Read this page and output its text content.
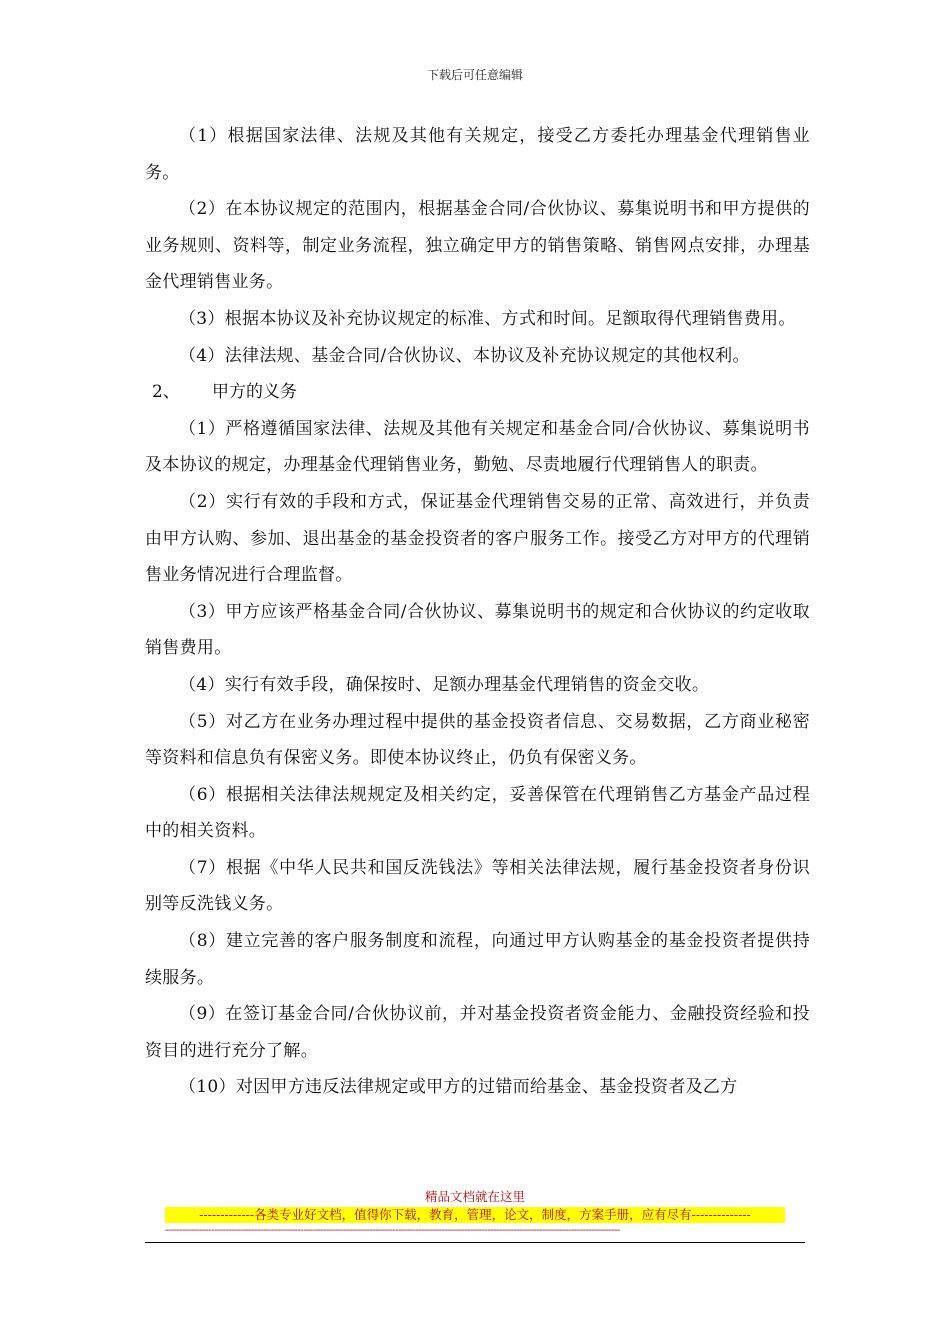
下载后可任意编辑

（1）根据国家法律、法规及其他有关规定，接受乙方委托办理基金代理销售业务。

（2）在本协议规定的范围内，根据基金合同/合伙协议、募集说明书和甲方提供的业务规则、资料等，制定业务流程，独立确定甲方的销售策略、销售网点安排，办理基金代理销售业务。

（3）根据本协议及补充协议规定的标准、方式和时间。足额取得代理销售费用。

（4）法律法规、基金合同/合伙协议、本协议及补充协议规定的其他权利。

2、 甲方的义务

（1）严格遵循国家法律、法规及其他有关规定和基金合同/合伙协议、募集说明书及本协议的规定，办理基金代理销售业务，勤勉、尽责地履行代理销售人的职责。

（2）实行有效的手段和方式，保证基金代理销售交易的正常、高效进行，并负责由甲方认购、参加、退出基金的基金投资者的客户服务工作。接受乙方对甲方的代理销售业务情况进行合理监督。

（3）甲方应该严格基金合同/合伙协议、募集说明书的规定和合伙协议的约定收取销售费用。

（4）实行有效手段，确保按时、足额办理基金代理销售的资金交收。

（5）对乙方在业务办理过程中提供的基金投资者信息、交易数据，乙方商业秘密等资料和信息负有保密义务。即使本协议终止，仍负有保密义务。

（6）根据相关法律法规规定及相关约定，妥善保管在代理销售乙方基金产品过程中的相关资料。

（7）根据《中华人民共和国反洗钱法》等相关法律法规，履行基金投资者身份识别等反洗钱义务。

（8）建立完善的客户服务制度和流程，向通过甲方认购基金的基金投资者提供持续服务。

（9）在签订基金合同/合伙协议前，并对基金投资者资金能力、金融投资经验和投资目的进行充分了解。

（10）对因甲方违反法律规定或甲方的过错而给基金、基金投资者及乙方

精品文档就在这里
-------------各类专业好文档，值得你下载，教育，管理，论文，制度，方案手册，应有尽有--------------
--------------------------------------------------------------------------------------------------------------------------------------------------------------
